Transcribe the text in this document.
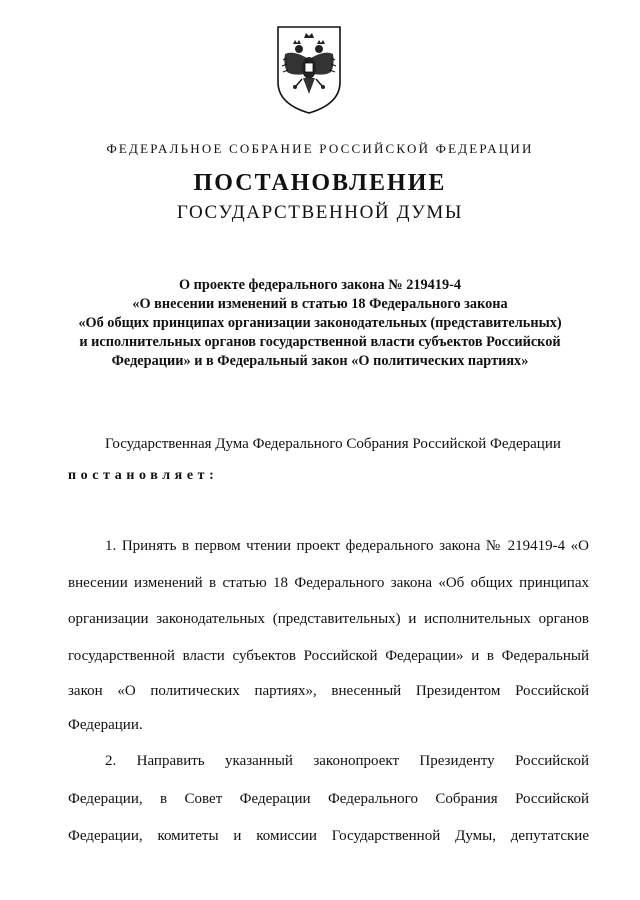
ФЕДЕРАЛЬНОЕ СОБРАНИЕ РОССИЙСКОЙ ФЕДЕРАЦИИ
ПОСТАНОВЛЕНИЕ
ГОСУДАРСТВЕННОЙ ДУМЫ
О проекте федерального закона № 219419-4
«О внесении изменений в статью 18 Федерального закона
«Об общих принципах организации законодательных (представительных)
и исполнительных органов государственной власти субъектов Российской
Федерации» и в Федеральный закон «О политических партиях»
Государственная Дума Федерального Собрания Российской Федерации
постановляет:
1. Принять в первом чтении проект федерального закона № 219419-4 «О
внесении изменений в статью 18 Федерального закона «Об общих принципах
организации законодательных (представительных) и исполнительных органов
государственной власти субъектов Российской Федерации» и в Федеральный
закон «О политических партиях», внесенный Президентом Российской
Федерации.
2. Направить указанный законопроект Президенту Российской
Федерации, в Совет Федерации Федерального Собрания Российской
Федерации, комитеты и комиссии Государственной Думы, депутатские
